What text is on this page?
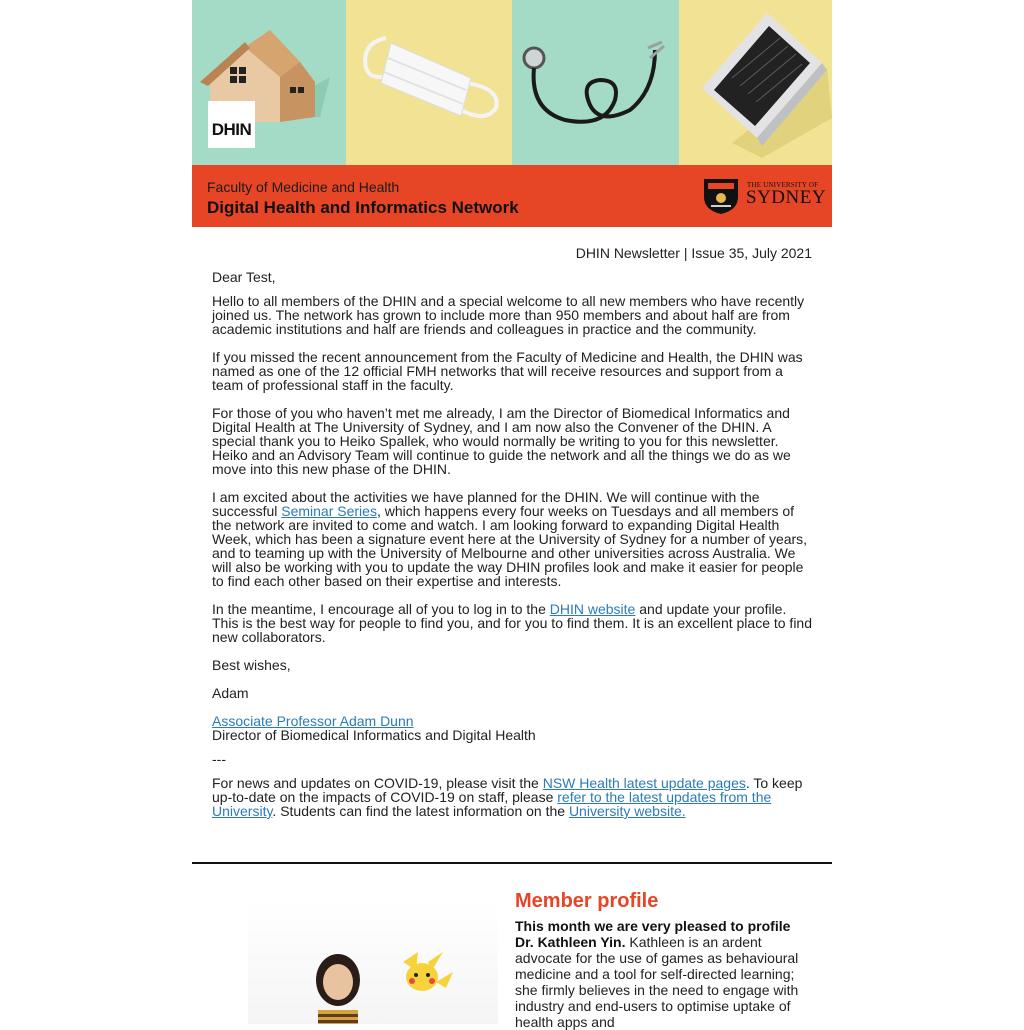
DHIN
Faculty of Medicine and Health
Digital Health and Informatics Network
THE UNIVERSITY OF
SYDNEY
DHIN Newsletter | Issue 35, July 2021
Dear Test,
Hello to all members of the DHIN and a special welcome to all new members who have recently joined us. The network has grown to include more than 950 members and about half are from academic institutions and half are friends and colleagues in practice and the community.
If you missed the recent announcement from the Faculty of Medicine and Health, the DHIN was named as one of the 12 official FMH networks that will receive resources and support from a team of professional staff in the faculty.
For those of you who haven’t met me already, I am the Director of Biomedical Informatics and Digital Health at The University of Sydney, and I am now also the Convener of the DHIN. A special thank you to Heiko Spallek, who would normally be writing to you for this newsletter. Heiko and an Advisory Team will continue to guide the network and all the things we do as we move into this new phase of the DHIN.
I am excited about the activities we have planned for the DHIN. We will continue with the successful Seminar Series, which happens every four weeks on Tuesdays and all members of the network are invited to come and watch. I am looking forward to expanding Digital Health Week, which has been a signature event here at the University of Sydney for a number of years, and to teaming up with the University of Melbourne and other universities across Australia. We will also be working with you to update the way DHIN profiles look and make it easier for people to find each other based on their expertise and interests.
In the meantime, I encourage all of you to log in to the DHIN website and update your profile. This is the best way for people to find you, and for you to find them. It is an excellent place to find new collaborators.
Best wishes,
Adam
Associate Professor Adam Dunn
Director of Biomedical Informatics and Digital Health
---
For news and updates on COVID-19, please visit the NSW Health latest update pages. To keep up-to-date on the impacts of COVID-19 on staff, please refer to the latest updates from the University. Students can find the latest information on the University website.
Member profile
This month we are very pleased to profile Dr. Kathleen Yin. Kathleen is an ardent advocate for the use of games as behavioural medicine and a tool for self-directed learning; she firmly believes in the need to engage with industry and end-users to optimise uptake of health apps and
